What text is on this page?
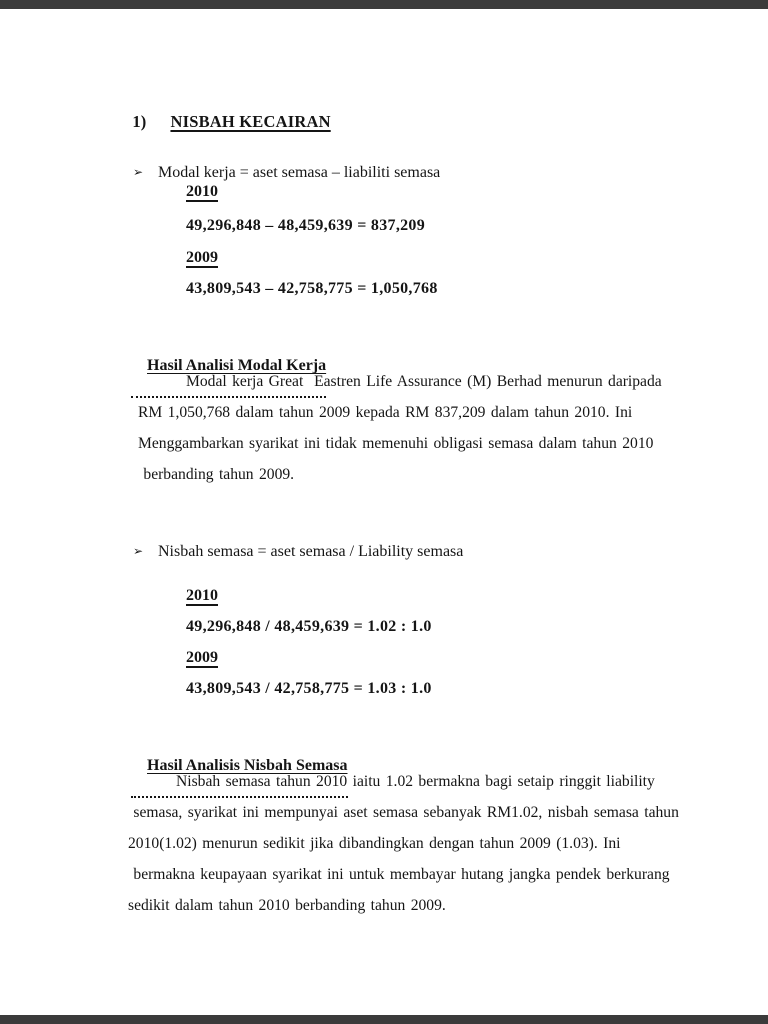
1) NISBAH KECAIRAN

➢ Modal kerja = aset semasa – liabiliti semasa

2010
49,296,848 – 48,459,639 = 837,209
2009
43,809,543 – 42,758,775 = 1,050,768

Hasil Analisi Modal Kerja

Modal kerja Great  Eastren Life Assurance (M) Berhad menurun daripada
RM 1,050,768 dalam tahun 2009 kepada RM 837,209 dalam tahun 2010. Ini
Menggambarkan syarikat ini tidak memenuhi obligasi semasa dalam tahun 2010
berbanding tahun 2009.

➢ Nisbah semasa = aset semasa / Liability semasa

2010
49,296,848 / 48,459,639 = 1.02 : 1.0
2009
43,809,543 / 42,758,775 = 1.03 : 1.0

Hasil Analisis Nisbah Semasa

Nisbah semasa tahun 2010 iaitu 1.02 bermakna bagi setaip ringgit liability
semasa, syarikat ini mempunyai aset semasa sebanyak RM1.02, nisbah semasa tahun
2010(1.02) menurun sedikit jika dibandingkan dengan tahun 2009 (1.03). Ini
bermakna keupayaan syarikat ini untuk membayar hutang jangka pendek berkurang
sedikit dalam tahun 2010 berbanding tahun 2009.
